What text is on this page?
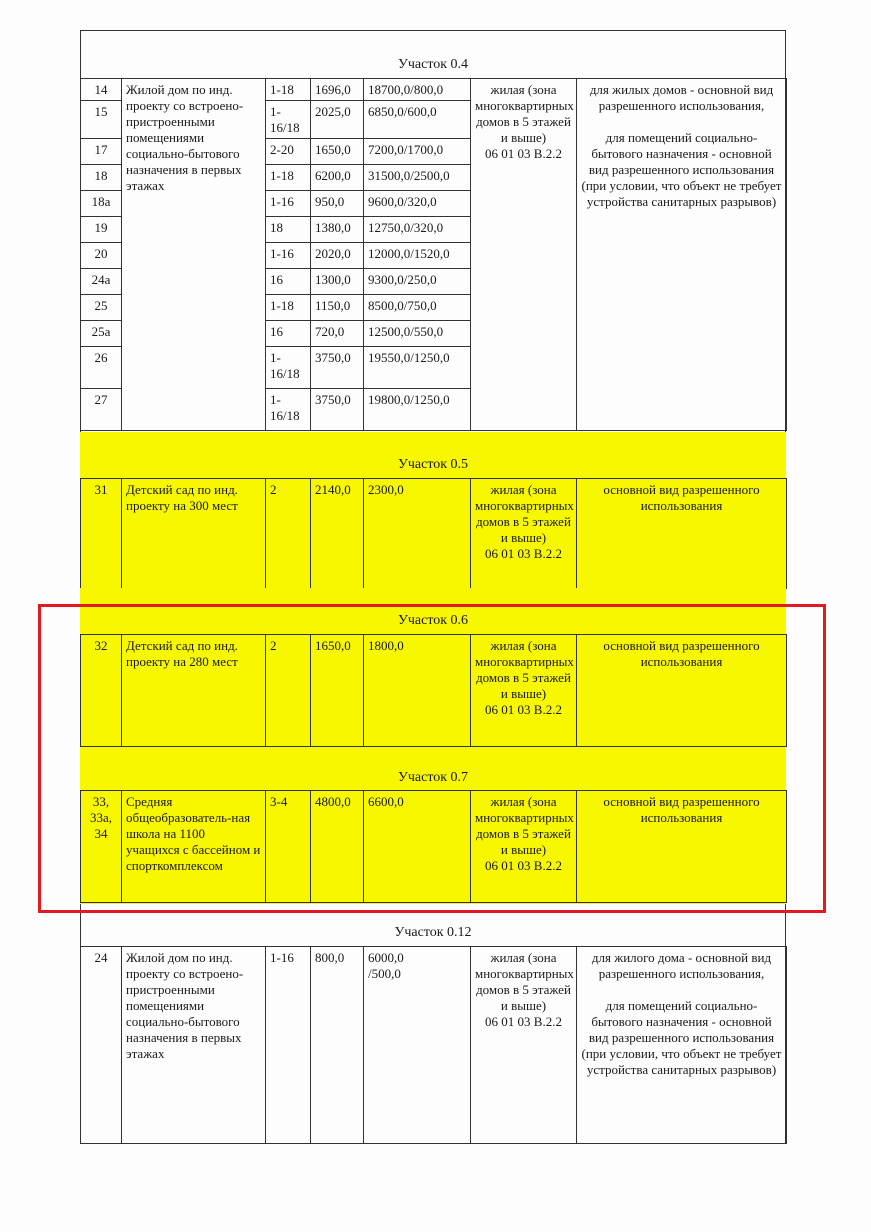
Участок 0.4
14	Жилой дом по инд. проекту со встроено-пристроенными помещениями социально-бытового назначения в первых этажах	1-18	1696,0	18700,0/800,0	жилая (зона многоквартирных домов в 5 этажей и выше)
06 01 03 В.2.2	для жилых домов - основной вид разрешенного использования,

для помещений социально-бытового назначения - основной вид разрешенного использования
(при условии, что объект не требует устройства санитарных разрывов)
15		1-
16/18	2025,0	6850,0/600,0		
17		2-20	1650,0	7200,0/1700,0		
18		1-18	6200,0	31500,0/2500,0		
18а		1-16	950,0	9600,0/320,0		
19		18	1380,0	12750,0/320,0		
20		1-16	2020,0	12000,0/1520,0		
24а		16	1300,0	9300,0/250,0		
25		1-18	1150,0	8500,0/750,0		
25а		16	720,0	12500,0/550,0		
26		1-
16/18	3750,0	19550,0/1250,0		
27		1-
16/18	3750,0	19800,0/1250,0		
Участок 0.5
31	Детский сад по инд. проекту на 300 мест	2	2140,0	2300,0	жилая (зона многоквартирных домов в 5 этажей и выше)
06 01 03 В.2.2	основной вид разрешенного использования
Участок 0.6
32	Детский сад по инд. проекту на 280 мест	2	1650,0	1800,0	жилая (зона многоквартирных домов в 5 этажей и выше)
06 01 03 В.2.2	основной вид разрешенного использования
Участок 0.7
33,
33а,
34	Средняя общеобразователь-ная школа на 1100 учащихся с бассейном и спорткомплексом	3-4	4800,0	6600,0	жилая (зона многоквартирных домов в 5 этажей и выше)
06 01 03 В.2.2	основной вид разрешенного использования
Участок 0.12
24	Жилой дом по инд. проекту со встроено-пристроенными помещениями социально-бытового назначения в первых этажах	1-16	800,0	6000,0
/500,0	жилая (зона многоквартирных домов в 5 этажей и выше)
06 01 03 В.2.2	для жилого дома - основной вид разрешенного использования,

для помещений социально-бытового назначения - основной вид разрешенного использования
(при условии, что объект не требует устройства санитарных разрывов)
